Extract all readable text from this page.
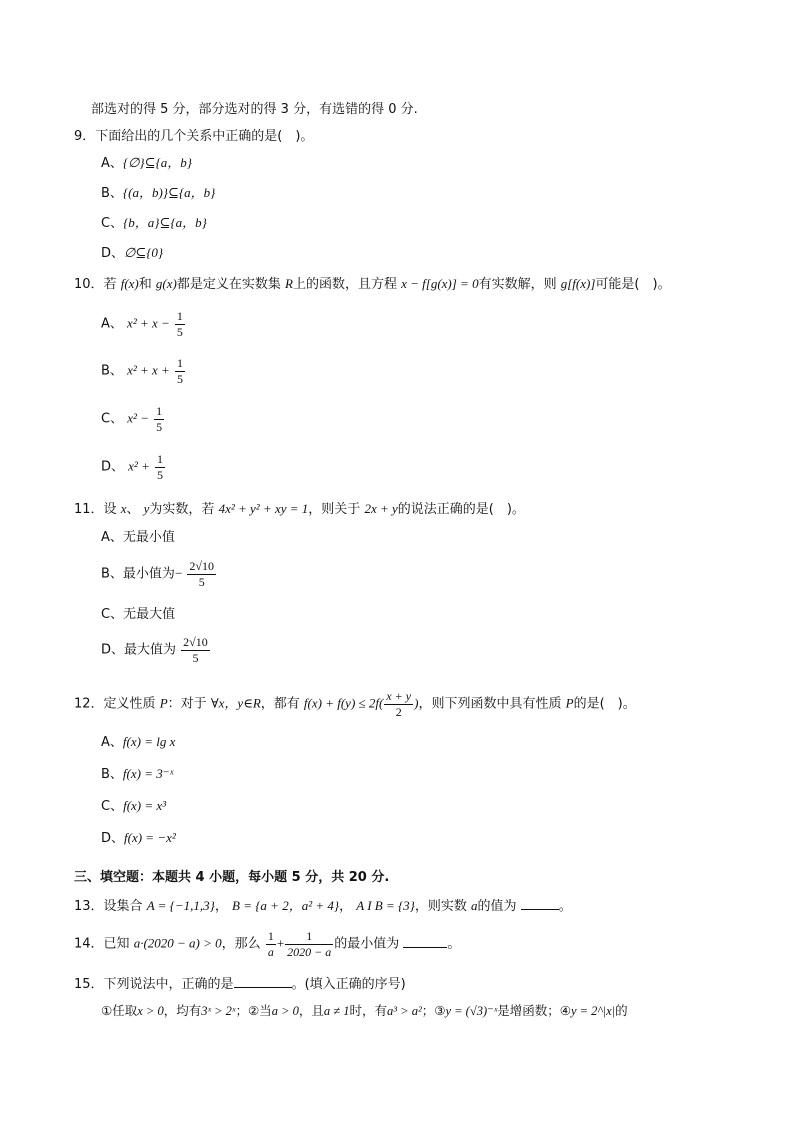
部选对的得 5 分，部分选对的得 3 分，有选错的得 0 分.
9．下面给出的几个关系中正确的是(　)。
A、{∅}⊆{a，b}
B、{(a，b)}⊆{a，b}
C、{b，a}⊆{a，b}
D、∅⊆{0}
10．若 f(x)和 g(x)都是定义在实数集 R上的函数，且方程 x − f[g(x)] = 0有实数解，则 g[f(x)]可能是(　)。
A、 $x^2 + x - \frac{1}{5}$
B、 $x^2 + x + \frac{1}{5}$
C、 $x^2 - \frac{1}{5}$
D、 $x^2 + \frac{1}{5}$
11．设 x、 y为实数，若 4x² + y² + xy = 1，则关于 2x + y的说法正确的是(　)。
A、无最小值
B、最小值为− $\frac{2√10}{5}$
C、无最大值
D、最大值为 $\frac{2√10}{5}$
12．定义性质 P：对于 ∀x，y∈R，都有 $f(x) + f(y) \le 2f( \frac{x + y}{2}$ )，则下列函数中具有性质 P的是(　)。
A、f(x) = lg x
B、f(x) = 3⁻ˣ
C、f(x) = x³
D、f(x) = −x²
三、填空题：本题共 4 小题，每小题 5 分，共 20 分.
13．设集合 A = {−1,1,3}， B = {a + 2，a² + 4}， A I B = {3}，则实数 a的值为	。
14．已知 a·(2020 − a) > 0，那么 $\frac{1}{a} + \frac{1}{2020 - a}$ 的最小值为	。
15．下列说法中，正确的是	。(填入正确的序号)
①任取x > 0，均有3ˣ > 2ˣ；②当a > 0，且a ≠ 1时，有a³ > a²；③y = (√3)⁻ˣ是增函数；④y = 2^|x|的
